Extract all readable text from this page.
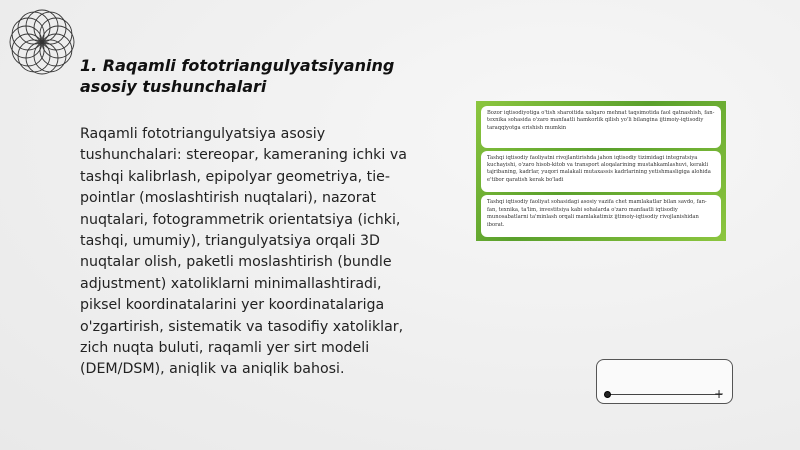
1. Raqamli fototriangulyatsiyaning asosiy tushunchalari

Raqamli fototriangulyatsiya asosiy tushunchalari: stereopar, kameraning ichki va tashqi kalibrlash, epipolyar geometriya, tie-pointlar (moslashtirish nuqtalari), nazorat nuqtalari, fotogrammetrik orientatsiya (ichki, tashqi, umumiy), triangulyatsiya orqali 3D nuqtalar olish, paketli moslashtirish (bundle adjustment) xatoliklarni minimallashtiradi, piksel koordinatalarini yer koordinatalariga o'zgartirish, sistematik va tasodifiy xatoliklar, zich nuqta buluti, raqamli yer sirt modeli (DEM/DSM), aniqlik va aniqlik bahosi.

Bozor iqtisodiyotiga o'tish sharoitida xalqaro mehnat taqsimotida faol qatnashish, fan-texnika sohasida o'zaro manfaatli hamkorlik qilish yo'li bilangina ijtimoiy-iqtisodiy taraqqiyotga erishish mumkin
Tashqi iqtisodiy faoliyatni rivojlantirishda jahon iqtisodiy tizimidagi integratsiya kuchayishi, o'zaro hisob-kitob va transport aloqalarining mustahkamlashuvi, kerakli tajribaning, kadrlar, yuqori malakali mutaxassis kadrlarining yetishmasligiga alohida e'tibor qaratish kerak bo'ladi
Tashqi iqtisodiy faoliyat sohasidagi asosiy vazifa chet mamlakatlar bilan savdo, fan-fan, texnika, ta'lim, investitsiya kabi sohalarda o'zaro manfaatli iqtisodiy munosabatlarni ta'minlash orqali mamlakatimiz ijtimoiy-iqtisodiy rivojlanishidan iborat.
+
